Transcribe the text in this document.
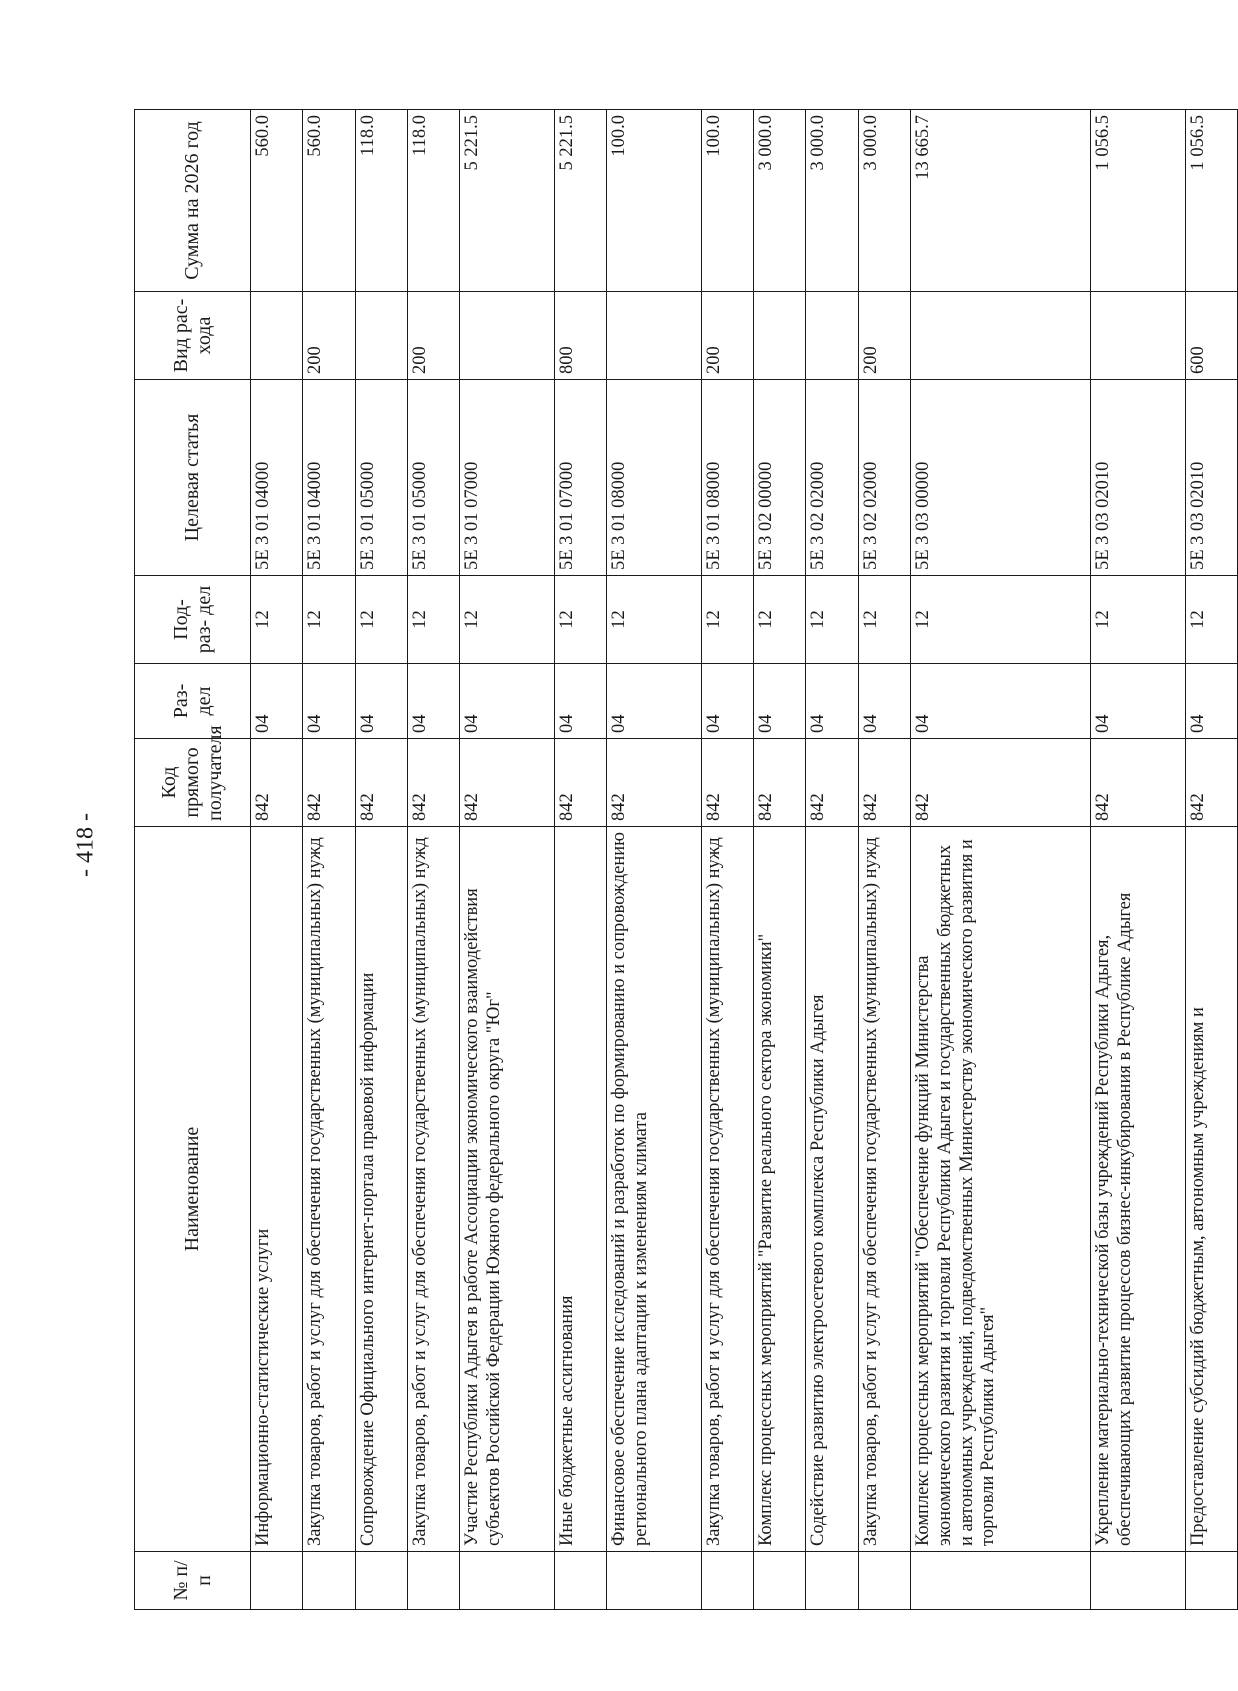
- 418 -
№ п/п	Наименование	Код прямого получателя	Раз- дел	Под- раз- дел	Целевая статья	Вид рас- хода	Сумма на 2026 год
	Информационно-статистические услуги	842	04	12	5Е 3 01 04000		560.0
	Закупка товаров, работ и услуг для обеспечения государственных (муниципальных) нужд	842	04	12	5Е 3 01 04000	200	560.0
	Сопровождение Официального интернет-портала правовой информации	842	04	12	5Е 3 01 05000		118.0
	Закупка товаров, работ и услуг для обеспечения государственных (муниципальных) нужд	842	04	12	5Е 3 01 05000	200	118.0
	Участие Республики Адыгея в работе Ассоциации экономического взаимодействия субъектов Российской Федерации Южного федерального округа "Юг"	842	04	12	5Е 3 01 07000		5 221.5
	Иные бюджетные ассигнования	842	04	12	5Е 3 01 07000	800	5 221.5
	Финансовое обеспечение исследований и разработок по формированию и сопровождению регионального плана адаптации к изменениям климата	842	04	12	5Е 3 01 08000		100.0
	Закупка товаров, работ и услуг для обеспечения государственных (муниципальных) нужд	842	04	12	5Е 3 01 08000	200	100.0
	Комплекс процессных мероприятий "Развитие реального сектора экономики"	842	04	12	5Е 3 02 00000		3 000.0
	Содействие развитию электросетевого комплекса Республики Адыгея	842	04	12	5Е 3 02 02000		3 000.0
	Закупка товаров, работ и услуг для обеспечения государственных (муниципальных) нужд	842	04	12	5Е 3 02 02000	200	3 000.0
	Комплекс процессных мероприятий "Обеспечение функций Министерства экономического развития и торговли Республики Адыгея и государственных бюджетных и автономных учреждений, подведомственных Министерству экономического развития и торговли Республики Адыгея"	842	04	12	5Е 3 03 00000		13 665.7
	Укрепление материально-технической базы учреждений Республики Адыгея, обеспечивающих развитие процессов бизнес-инкубирования в Республике Адыгея	842	04	12	5Е 3 03 02010		1 056.5
	Предоставление субсидий бюджетным, автономным учреждениям и	842	04	12	5Е 3 03 02010	600	1 056.5
